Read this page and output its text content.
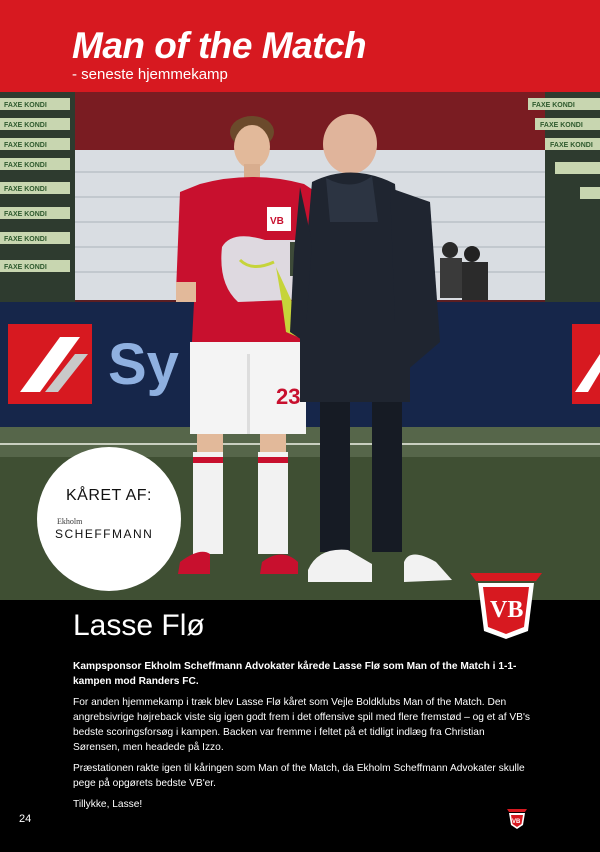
Man of the Match
- seneste hjemmekamp
FAXE KONDI
FAXE KONDI
FAXE KONDI
FAXE KONDI
FAXE KONDI
FAXE KONDI
FAXE KONDI
FAXE KONDI
FAXE KONDI
FAXE KONDI
FAXE KONDI
Sy	23
VB
KÅRET AF:
Ekholm
SCHEFFMANN
VB
Lasse Flø

Kampsponsor Ekholm Scheffmann Advokater kårede Lasse Flø som Man of the Match i 1-1-kampen mod Randers FC.

For anden hjemmekamp i træk blev Lasse Flø kåret som Vejle Boldklubs Man of the Match. Den angrebsivrige højreback viste sig igen godt frem i det offensive spil med flere fremstød – og et af VB's bedste scoringsforsøg i kampen. Backen var fremme i feltet på et tidligt indlæg fra Christian Sørensen, men headede på Izzo.

Præstationen rakte igen til kåringen som Man of the Match, da Ekholm Scheffmann Advokater skulle pege på opgørets bedste VB'er.

Tillykke, Lasse!

24	VB
